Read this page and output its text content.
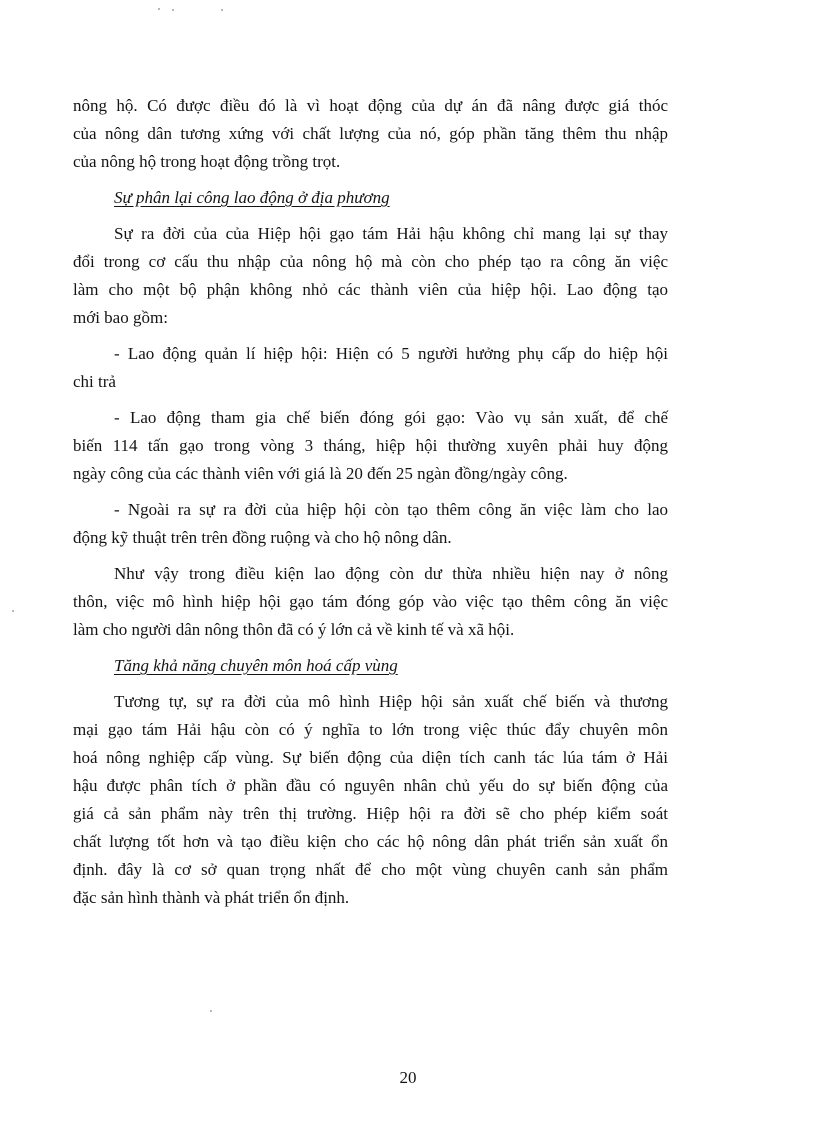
nông hộ. Có được điều đó là vì hoạt động của dự án đã nâng được giá thóc
của nông dân tương xứng với chất lượng của nó, góp phần tăng thêm thu nhập
của nông hộ trong hoạt động trồng trọt.
Sự phân lại công lao động ở địa phương
Sự ra đời của của Hiệp hội gạo tám Hải hậu không chỉ mang lại sự thay
đổi trong cơ cấu thu nhập của nông hộ mà còn cho phép tạo ra công ăn việc
làm cho một bộ phận không nhỏ các thành viên của hiệp hội. Lao động tạo
mới bao gồm:
- Lao động quản lí hiệp hội: Hiện có 5 người hưởng phụ cấp do hiệp hội
chi trả
- Lao động tham gia chế biến đóng gói gạo: Vào vụ sản xuất, để chế
biến 114 tấn gạo trong vòng 3 tháng, hiệp hội thường xuyên phải huy động
ngày công của các thành viên với giá là 20 đến 25 ngàn đồng/ngày công.
- Ngoài ra sự ra đời của hiệp hội còn tạo thêm công ăn việc làm cho lao
động kỹ thuật trên trên đồng ruộng và cho hộ nông dân.
Như vậy trong điều kiện lao động còn dư thừa nhiều hiện nay ở nông
thôn, việc mô hình hiệp hội gạo tám đóng góp vào việc tạo thêm công ăn việc
làm cho người dân nông thôn đã có ý lớn cả về kinh tế và xã hội.
Tăng khả năng chuyên môn hoá cấp vùng
Tương tự, sự ra đời của mô hình Hiệp hội sản xuất chế biến và thương
mại gạo tám Hải hậu còn có ý nghĩa to lớn trong việc thúc đẩy chuyên môn
hoá nông nghiệp cấp vùng. Sự biến động của diện tích canh tác lúa tám ở Hải
hậu được phân tích ở phần đầu có nguyên nhân chủ yếu do sự biến động của
giá cả sản phẩm này trên thị trường. Hiệp hội ra đời sẽ cho phép kiểm soát
chất lượng tốt hơn và tạo điều kiện cho các hộ nông dân phát triển sản xuất ổn
định. đây là cơ sở quan trọng nhất để cho một vùng chuyên canh sản phẩm
đặc sản hình thành và phát triển ổn định.
20
